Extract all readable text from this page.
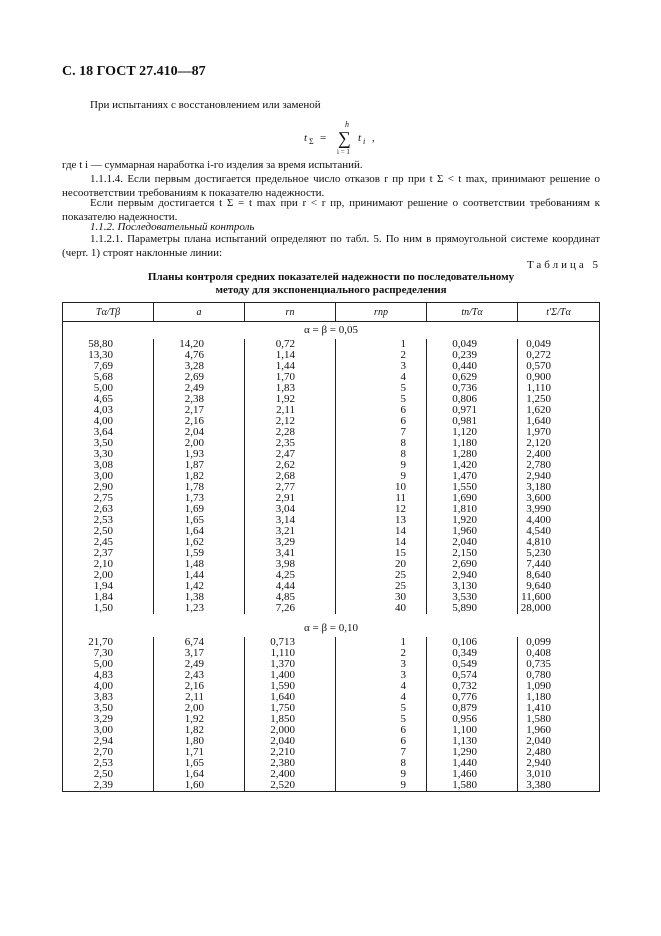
С. 18 ГОСТ 27.410—87
При испытаниях с восстановлением или заменой
t Σ =
h
∑
i = 1
t i ,
где t i — суммарная наработка i-го изделия за время испытаний.
1.1.1.4. Если первым достигается предельное число отказов r пр при t Σ < t max, принимают решение о несоответствии требованиям к показателю надежности.
Если первым достигается t Σ = t max при r < r пр, принимают решение о соответствии требованиям к показателю надежности.
1.1.2. Последовательный контроль
1.1.2.1. Параметры плана испытаний определяют по табл. 5. По ним в прямоугольной системе координат (черт. 1) строят наклонные линии:
Таблица 5
Планы контроля средних показателей надежности по последовательному
методу для экспоненциального распределения
Tα/Tβ	a	rп	rпр	tп/Tα	t'Σ/Tα
α = β = 0,05					
58,80	14,20	0,72	1	0,049	0,049
13,30	4,76	1,14	2	0,239	0,272
7,69	3,28	1,44	3	0,440	0,570
5,68	2,69	1,70	4	0,629	0,900
5,00	2,49	1,83	5	0,736	1,110
4,65	2,38	1,92	5	0,806	1,250
4,03	2,17	2,11	6	0,971	1,620
4,00	2,16	2,12	6	0,981	1,640
3,64	2,04	2,28	7	1,120	1,970
3,50	2,00	2,35	8	1,180	2,120
3,30	1,93	2,47	8	1,280	2,400
3,08	1,87	2,62	9	1,420	2,780
3,00	1,82	2,68	9	1,470	2,940
2,90	1,78	2,77	10	1,550	3,180
2,75	1,73	2,91	11	1,690	3,600
2,63	1,69	3,04	12	1,810	3,990
2,53	1,65	3,14	13	1,920	4,400
2,50	1,64	3,21	14	1,960	4,540
2,45	1,62	3,29	14	2,040	4,810
2,37	1,59	3,41	15	2,150	5,230
2,10	1,48	3,98	20	2,690	7,440
2,00	1,44	4,25	25	2,940	8,640
1,94	1,42	4,44	25	3,130	9,640
1,84	1,38	4,85	30	3,530	11,600
1,50	1,23	7,26	40	5,890	28,000

α = β = 0,10					
21,70	6,74	0,713	1	0,106	0,099
7,30	3,17	1,110	2	0,349	0,408
5,00	2,49	1,370	3	0,549	0,735
4,83	2,43	1,400	3	0,574	0,780
4,00	2,16	1,590	4	0,732	1,090
3,83	2,11	1,640	4	0,776	1,180
3,50	2,00	1,750	5	0,879	1,410
3,29	1,92	1,850	5	0,956	1,580
3,00	1,82	2,000	6	1,100	1,960
2,94	1,80	2,040	6	1,130	2,040
2,70	1,71	2,210	7	1,290	2,480
2,53	1,65	2,380	8	1,440	2,940
2,50	1,64	2,400	9	1,460	3,010
2,39	1,60	2,520	9	1,580	3,380
